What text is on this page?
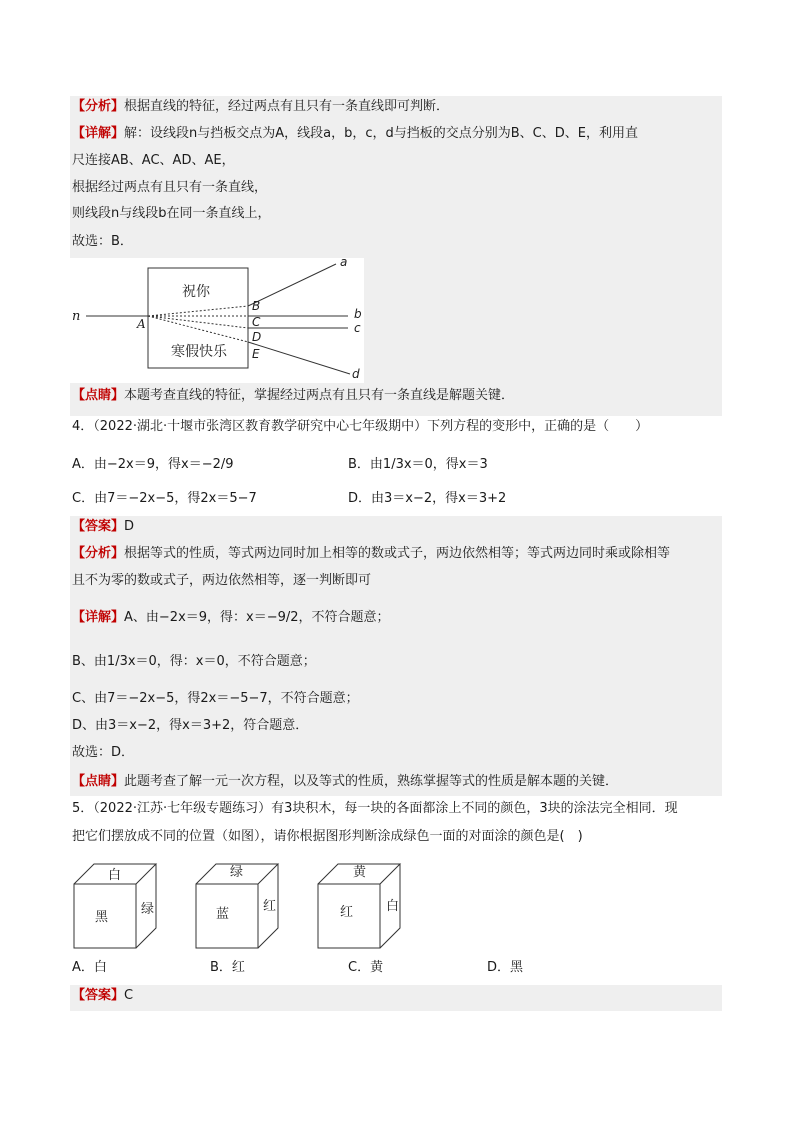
【分析】根据直线的特征，经过两点有且只有一条直线即可判断．
【详解】解：设线段n与挡板交点为A，线段a，b，c，d与挡板的交点分别为B、C、D、E，利用直
尺连接AB、AC、AD、AE，
根据经过两点有且只有一条直线，
则线段n与线段b在同一条直线上，
故选：B．
祝你
寒假快乐
n	A
B
C
D
E
a
b
c
d
【点睛】本题考查直线的特征，掌握经过两点有且只有一条直线是解题关键．
4．（2022·湖北·十堰市张湾区教育教学研究中心七年级期中）下列方程的变形中，正确的是（　　）
A．由−2x＝9，得x＝−2/9	B．由1/3x＝0，得x＝3
C．由7＝−2x−5，得2x＝5−7	D．由3＝x−2，得x＝3+2
【答案】D
【分析】根据等式的性质，等式两边同时加上相等的数或式子，两边依然相等；等式两边同时乘或除相等
且不为零的数或式子，两边依然相等，逐一判断即可
【详解】A、由−2x＝9，得：x＝−9/2，不符合题意；
B、由1/3x＝0，得：x＝0，不符合题意；
C、由7＝−2x−5，得2x＝−5−7，不符合题意；
D、由3＝x−2，得x＝3+2，符合题意．
故选：D．
【点睛】此题考查了解一元一次方程，以及等式的性质，熟练掌握等式的性质是解本题的关键．
5．（2022·江苏·七年级专题练习）有3块积木，每一块的各面都涂上不同的颜色，3块的涂法完全相同．现
把它们摆放成不同的位置（如图），请你根据图形判断涂成绿色一面的对面涂的颜色是(　)
白
黑
绿
绿
蓝
红
黄
红	白
A．白	B．红	C．黄	D．黑
【答案】C
